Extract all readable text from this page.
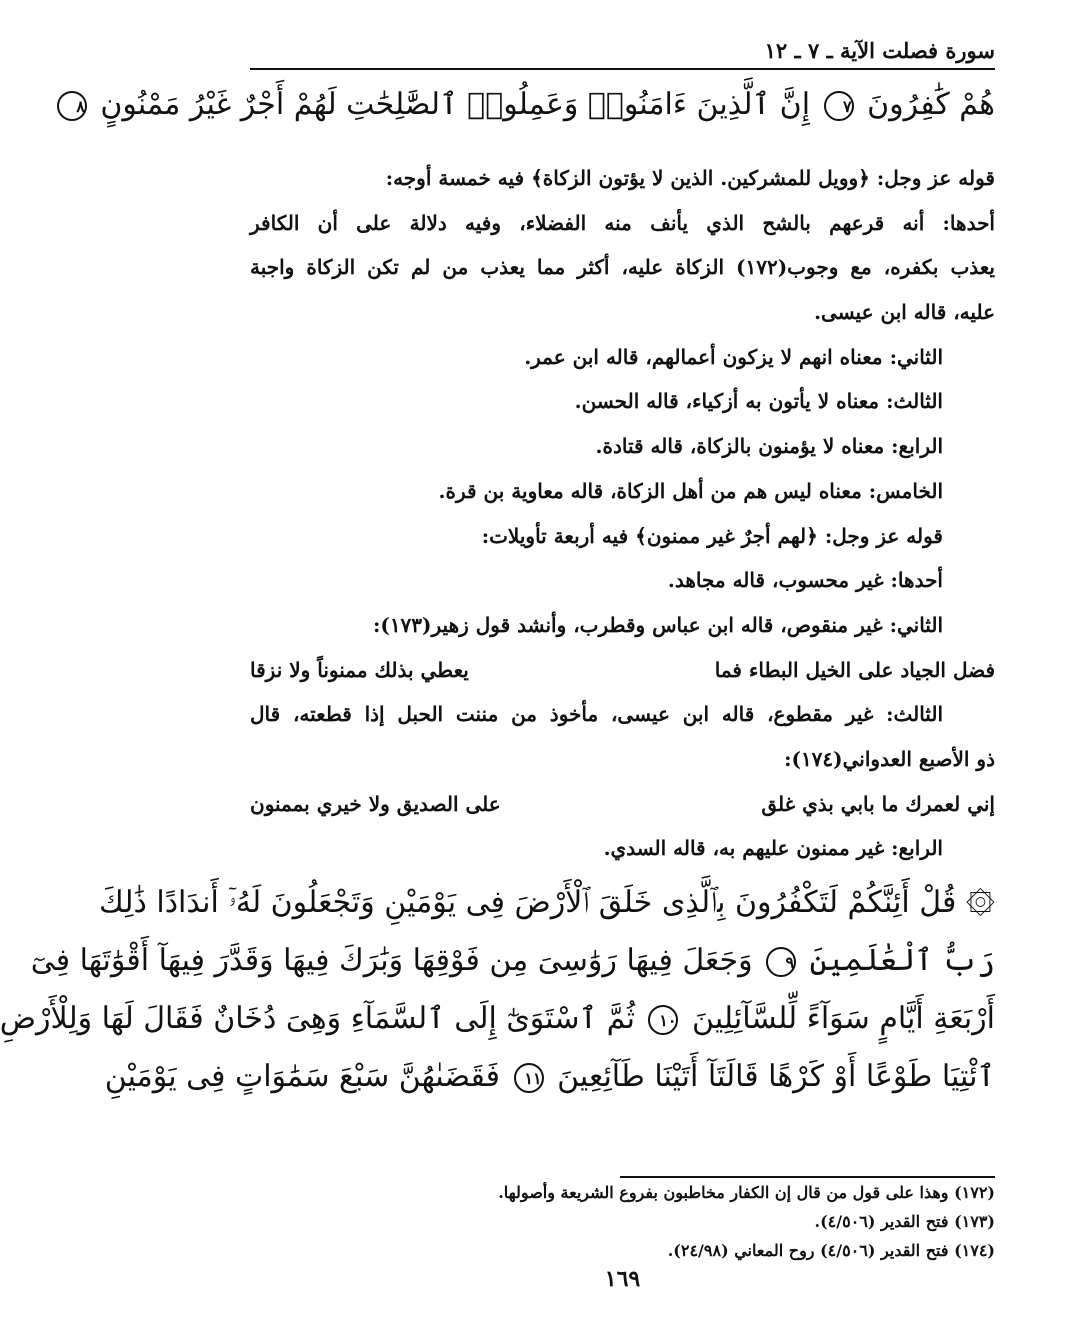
سورة فصلت الآية ـ ٧ ـ ١٢
هُمْ كَٰفِرُونَ ٧ إِنَّ ٱلَّذِينَ ءَامَنُوا۟ وَعَمِلُوا۟ ٱلصَّٰلِحَٰتِ لَهُمْ أَجْرٌ غَيْرُ مَمْنُونٍ ٨
قوله عز وجل: ﴿وويل للمشركين. الذين لا يؤتون الزكاة﴾ فيه خمسة أوجه:
أحدها: أنه قرعهم بالشح الذي يأنف منه الفضلاء، وفيه دلالة على أن الكافر
يعذب بكفره، مع وجوب(١٧٢) الزكاة عليه، أكثر مما يعذب من لم تكن الزكاة واجبة
عليه، قاله ابن عيسى.
الثاني: معناه انهم لا يزكون أعمالهم، قاله ابن عمر.
الثالث: معناه لا يأتون به أزكياء، قاله الحسن.
الرابع: معناه لا يؤمنون بالزكاة، قاله قتادة.
الخامس: معناه ليس هم من أهل الزكاة، قاله معاوية بن قرة.
قوله عز وجل: ﴿لهم أجرٌ غير ممنون﴾ فيه أربعة تأويلات:
أحدها: غير محسوب، قاله مجاهد.
الثاني: غير منقوص، قاله ابن عباس وقطرب، وأنشد قول زهير(١٧٣):
فضل الجياد على الخيل البطاء فما
يعطي بذلك ممنوناً ولا نزقا
الثالث: غير مقطوع، قاله ابن عيسى، مأخوذ من مننت الحبل إذا قطعته، قال
ذو الأصبع العدواني(١٧٤):
إني لعمرك ما بابي بذي غلق
على الصديق ولا خيري بممنون
الرابع: غير ممنون عليهم به، قاله السدي.
۞ قُلْ أَئِنَّكُمْ لَتَكْفُرُونَ بِٱلَّذِى خَلَقَ ٱلْأَرْضَ فِى يَوْمَيْنِ وَتَجْعَلُونَ لَهُۥٓ أَندَادًا ذَٰلِكَ
رَبُّ ٱلْعَٰلَمِينَ ٩ وَجَعَلَ فِيهَا رَوَٰسِىَ مِن فَوْقِهَا وَبَٰرَكَ فِيهَا وَقَدَّرَ فِيهَآ أَقْوَٰتَهَا فِىٓ
أَرْبَعَةِ أَيَّامٍ سَوَآءً لِّلسَّآئِلِينَ ١٠ ثُمَّ ٱسْتَوَىٰٓ إِلَى ٱلسَّمَآءِ وَهِىَ دُخَانٌ فَقَالَ لَهَا وَلِلْأَرْضِ
ٱئْتِيَا طَوْعًا أَوْ كَرْهًا قَالَتَآ أَتَيْنَا طَآئِعِينَ ١١ فَقَضَىٰهُنَّ سَبْعَ سَمَٰوَاتٍ فِى يَوْمَيْنِ
(١٧٢) وهذا على قول من قال إن الكفار مخاطبون بفروع الشريعة وأصولها.
(١٧٣) فتح القدير (٤/٥٠٦).
(١٧٤) فتح القدير (٤/٥٠٦) روح المعاني (٢٤/٩٨).
١٦٩
